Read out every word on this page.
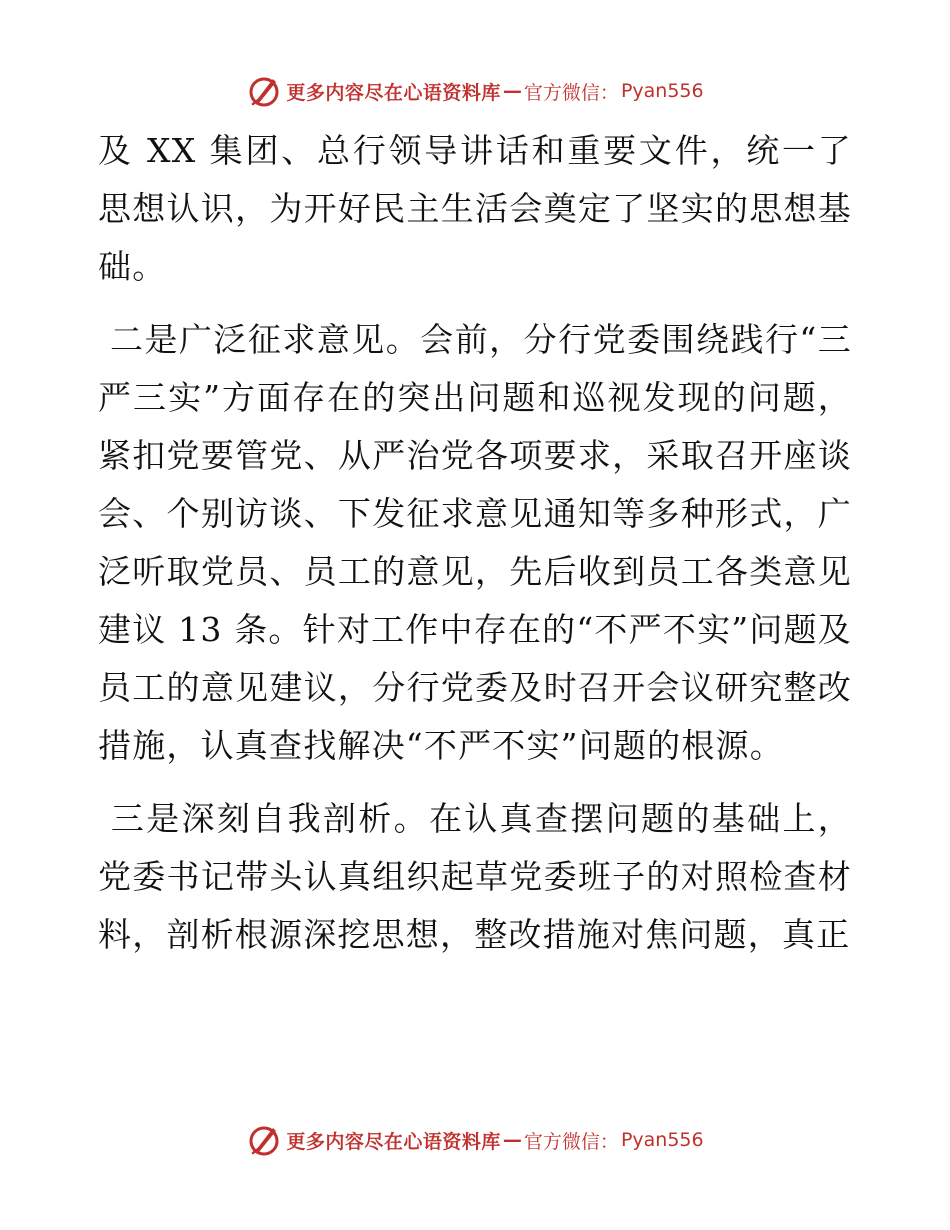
更多内容尽在心语资料库 — 官方微信： Pyan556

及 XX 集团、总行领导讲话和重要文件，统一了思想认识，为开好民主生活会奠定了坚实的思想基础。

二是广泛征求意见。会前，分行党委围绕践行“三严三实”方面存在的突出问题和巡视发现的问题，紧扣党要管党、从严治党各项要求，采取召开座谈会、个别访谈、下发征求意见通知等多种形式，广泛听取党员、员工的意见，先后收到员工各类意见建议 13 条。针对工作中存在的“不严不实”问题及员工的意见建议，分行党委及时召开会议研究整改措施，认真查找解决“不严不实”问题的根源。

三是深刻自我剖析。在认真查摆问题的基础上，党委书记带头认真组织起草党委班子的对照检查材料，剖析根源深挖思想，整改措施对焦问题，真正

更多内容尽在心语资料库 — 官方微信： Pyan556
